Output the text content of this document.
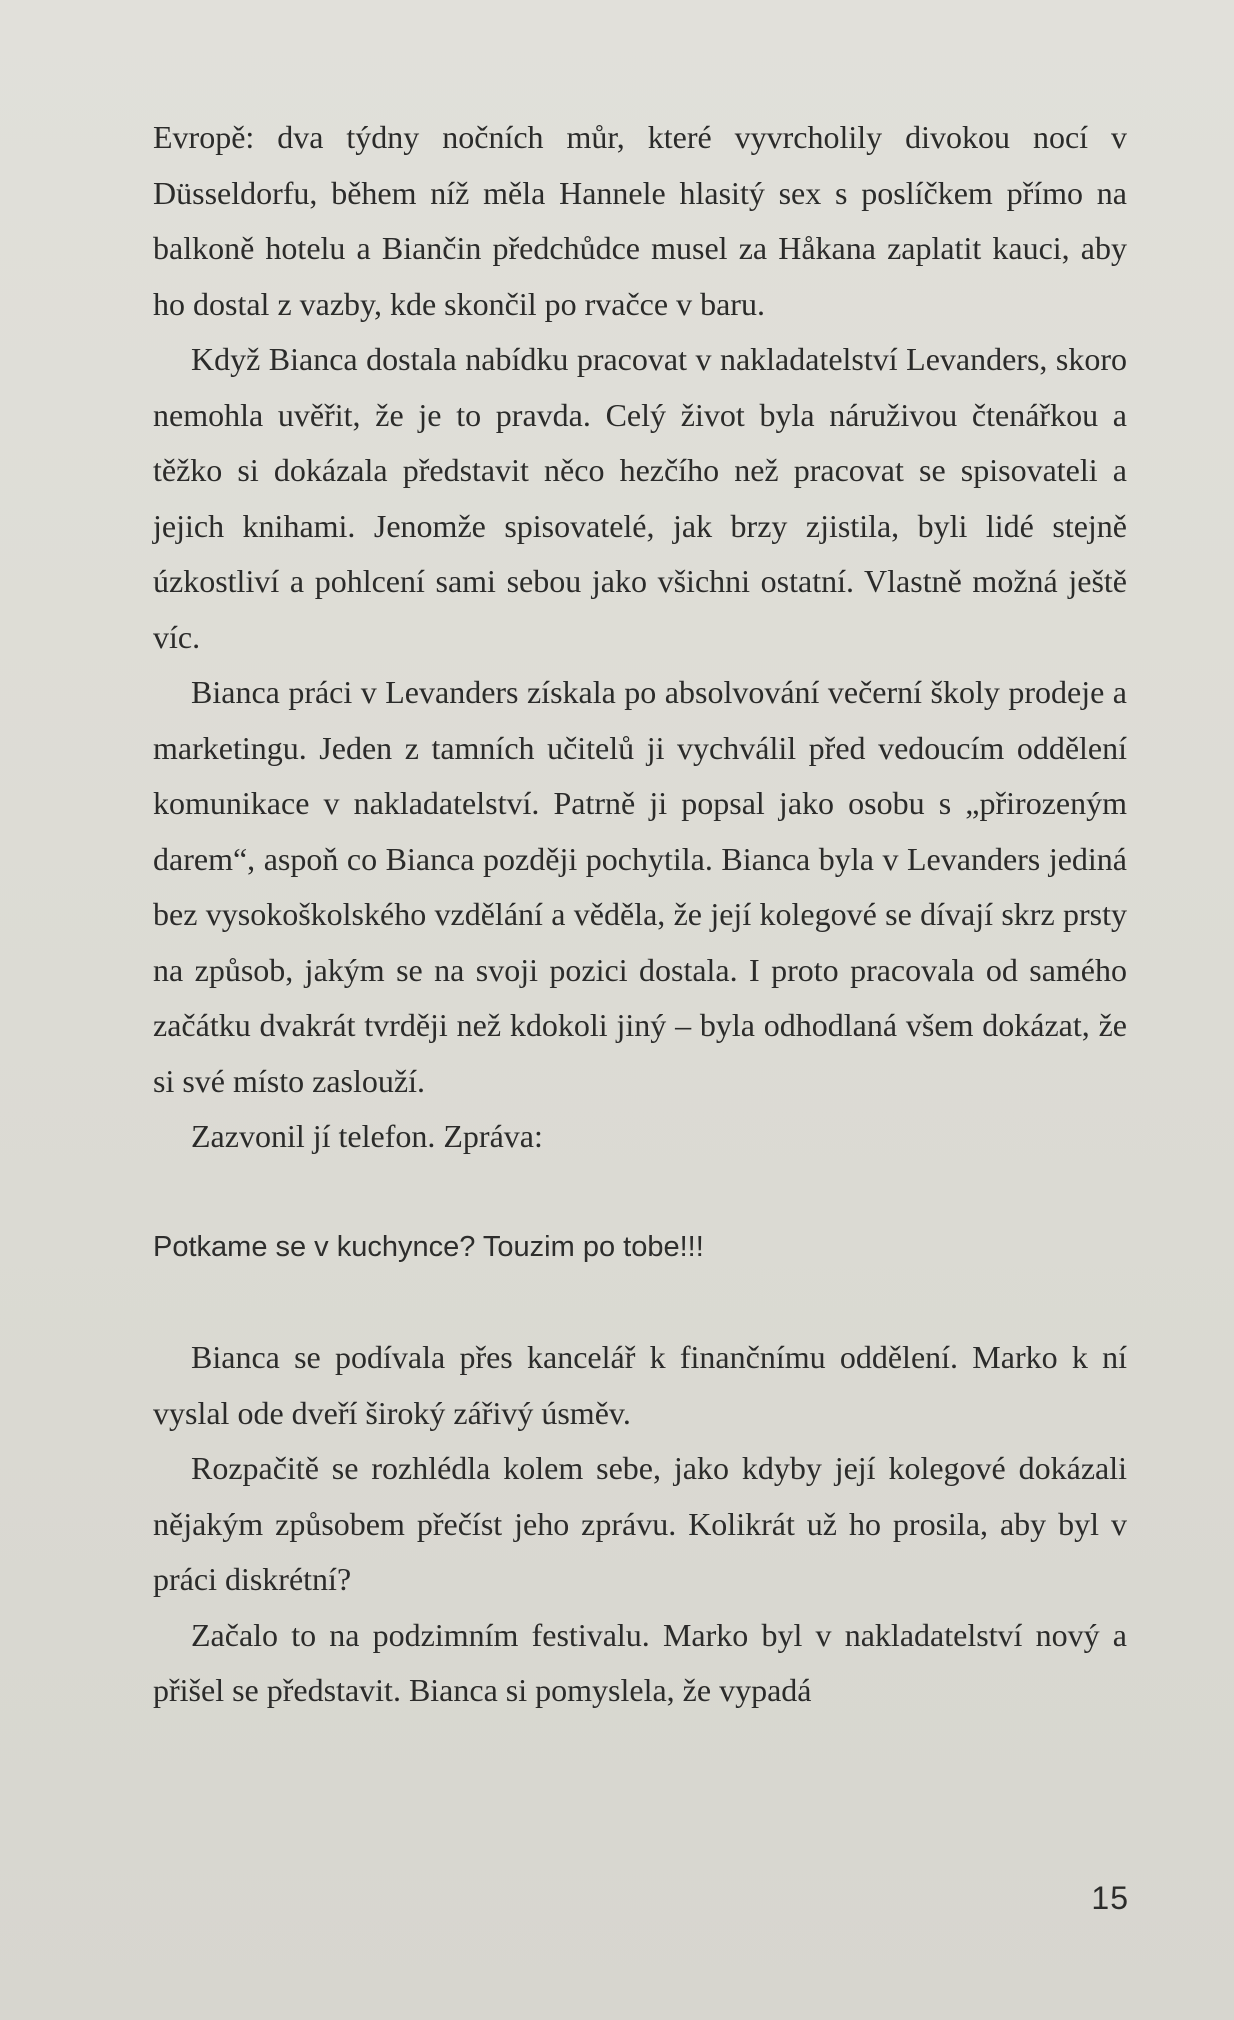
Evropě: dva týdny nočních můr, které vyvrcholily divokou nocí v Düsseldorfu, během níž měla Hannele hlasitý sex s poslíčkem přímo na balkoně hotelu a Biančin předchůdce musel za Håkana zaplatit kauci, aby ho dostal z vazby, kde skončil po rvačce v baru.

Když Bianca dostala nabídku pracovat v nakladatelství Levanders, skoro nemohla uvěřit, že je to pravda. Celý život byla náruživou čtenářkou a těžko si dokázala představit něco hezčího než pracovat se spisovateli a jejich knihami. Jenomže spisovatelé, jak brzy zjistila, byli lidé stejně úzkostliví a pohlcení sami sebou jako všichni ostatní. Vlastně možná ještě víc.

Bianca práci v Levanders získala po absolvování večerní školy prodeje a marketingu. Jeden z tamních učitelů ji vychválil před vedoucím oddělení komunikace v nakladatelství. Patrně ji popsal jako osobu s „přirozeným darem“, aspoň co Bianca později pochytila. Bianca byla v Levanders jediná bez vysokoškolského vzdělání a věděla, že její kolegové se dívají skrz prsty na způsob, jakým se na svoji pozici dostala. I proto pracovala od samého začátku dvakrát tvrději než kdokoli jiný – byla odhodlaná všem dokázat, že si své místo zaslouží.

Zazvonil jí telefon. Zpráva:

Potkame se v kuchynce? Touzim po tobe!!!

Bianca se podívala přes kancelář k finančnímu oddělení. Marko k ní vyslal ode dveří široký zářivý úsměv.

Rozpačitě se rozhlédla kolem sebe, jako kdyby její kolegové dokázali nějakým způsobem přečíst jeho zprávu. Kolikrát už ho prosila, aby byl v práci diskrétní?

Začalo to na podzimním festivalu. Marko byl v nakladatelství nový a přišel se představit. Bianca si pomyslela, že vypadá

15
